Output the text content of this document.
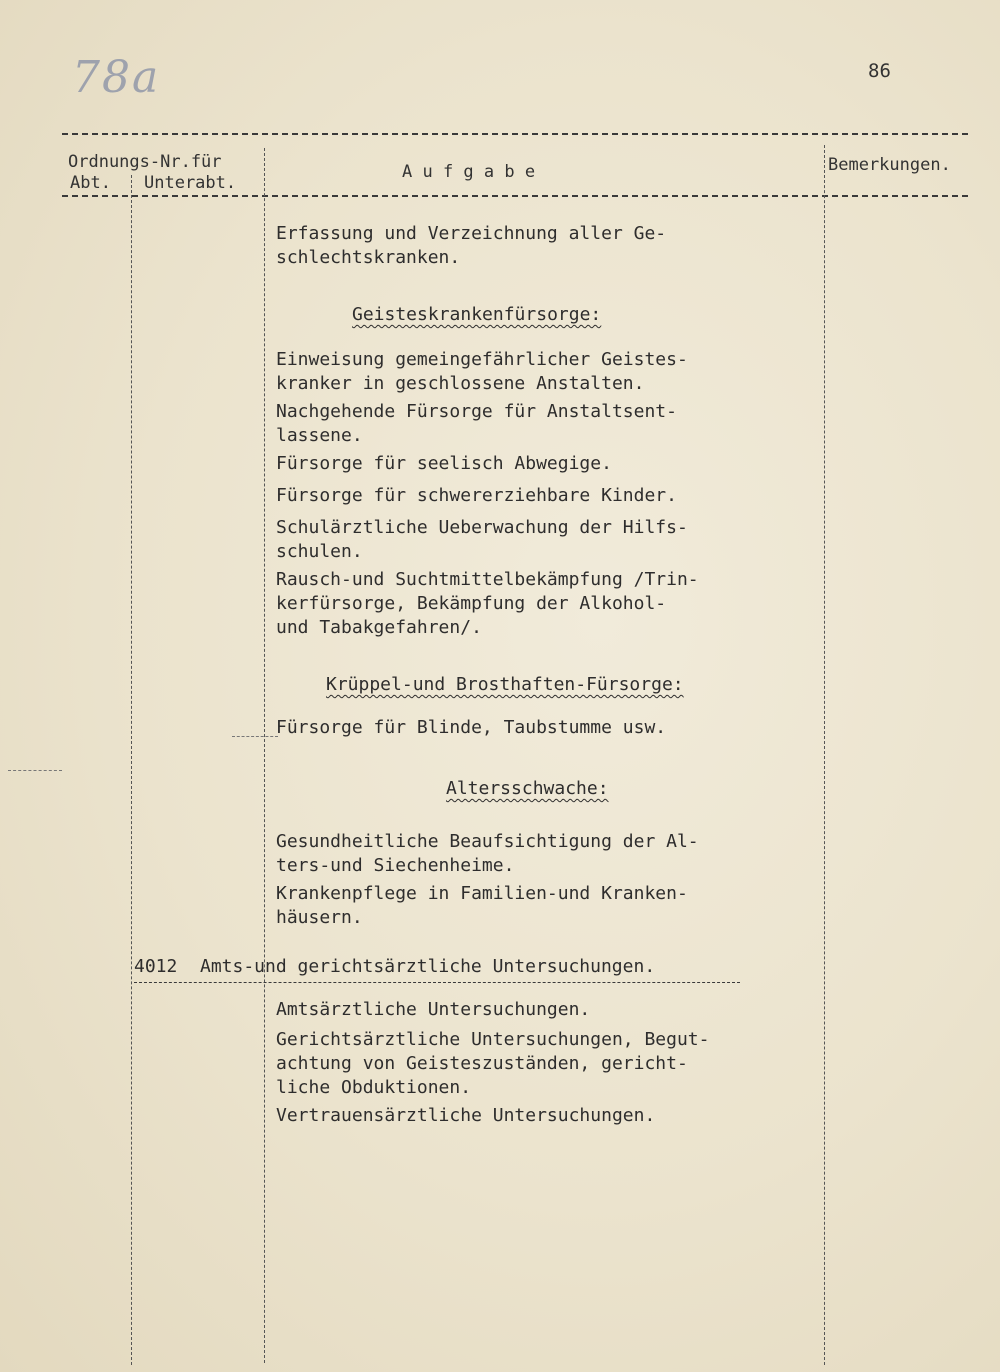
78a	86
Ordnungs-Nr.für
Abt. Unterabt.
A u f g a b e	Bemerkungen.
Erfassung und Verzeichnung aller Ge-
schlechtskranken.
Geisteskrankenfürsorge:
Einweisung gemeingefährlicher Geistes-
kranker in geschlossene Anstalten.
Nachgehende Fürsorge für Anstaltsent-
lassene.
Fürsorge für seelisch Abwegige.
Fürsorge für schwererziehbare Kinder.
Schulärztliche Ueberwachung der Hilfs-
schulen.
Rausch-und Suchtmittelbekämpfung /Trin-
kerfürsorge, Bekämpfung der Alkohol-
und Tabakgefahren/.
Krüppel-und Brosthaften-Fürsorge:
Fürsorge für Blinde, Taubstumme usw.
Altersschwache:
Gesundheitliche Beaufsichtigung der Al-
ters-und Siechenheime.
Krankenpflege in Familien-und Kranken-
häusern.
4012 Amts-und gerichtsärztliche Untersuchungen.
Amtsärztliche Untersuchungen.
Gerichtsärztliche Untersuchungen, Begut-
achtung von Geisteszuständen, gericht-
liche Obduktionen.
Vertrauensärztliche Untersuchungen.
